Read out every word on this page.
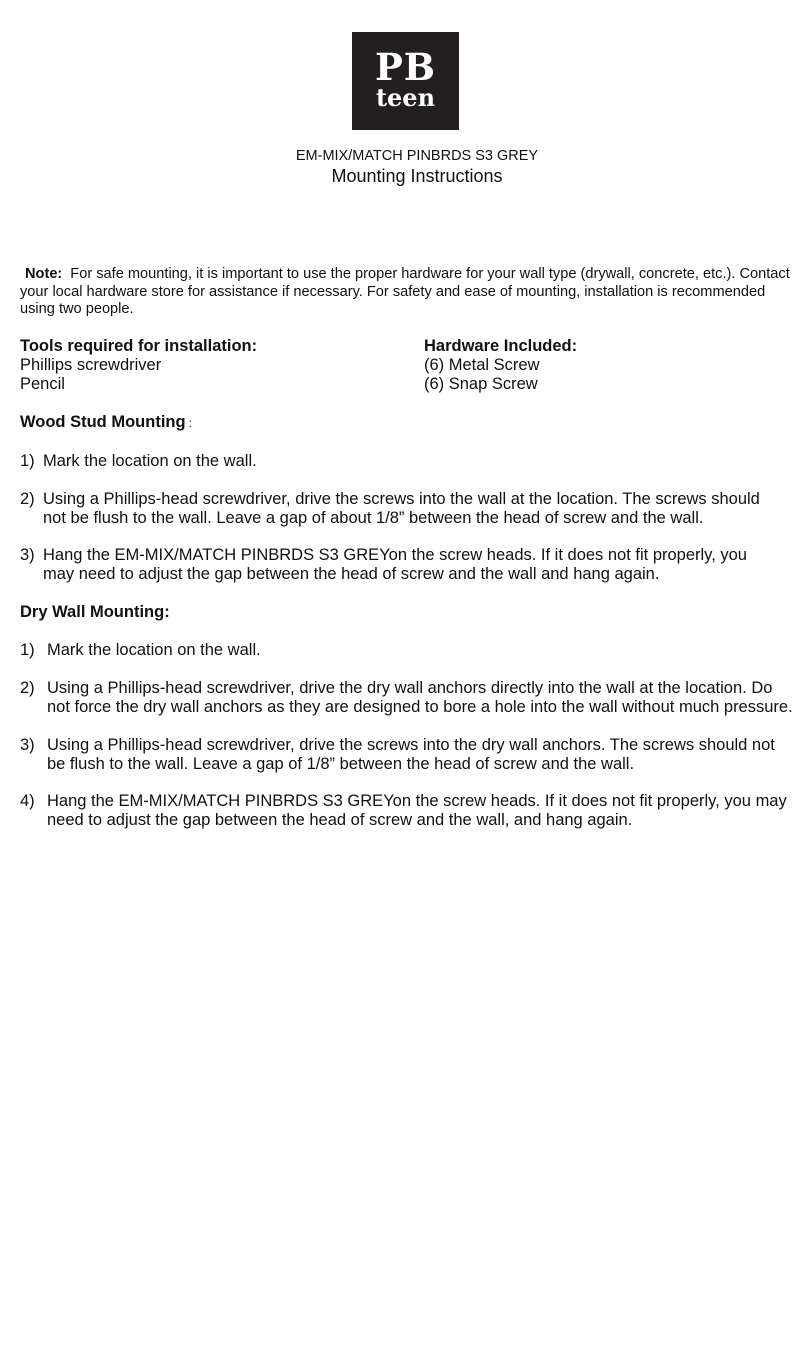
PB
teen
EM-MIX/MATCH PINBRDS S3 GREY
Mounting Instructions
Note: For safe mounting, it is important to use the proper hardware for your wall type (drywall, concrete, etc.). Contact your local hardware store for assistance if necessary. For safety and ease of mounting, installation is recommended using two people.
Tools required for installation:
Phillips screwdriver
Pencil
Hardware Included:
(6) Metal Screw
(6) Snap Screw
Wood Stud Mounting :
1) Mark the location on the wall.
2) Using a Phillips-head screwdriver, drive the screws into the wall at the location. The screws should not be flush to the wall. Leave a gap of about 1/8” between the head of screw and the wall.
3) Hang the EM-MIX/MATCH PINBRDS S3 GREYon the screw heads. If it does not fit properly, you may need to adjust the gap between the head of screw and the wall and hang again.
Dry Wall Mounting:
1) Mark the location on the wall.
2) Using a Phillips-head screwdriver, drive the dry wall anchors directly into the wall at the location. Do not force the dry wall anchors as they are designed to bore a hole into the wall without much pressure.
3) Using a Phillips-head screwdriver, drive the screws into the dry wall anchors. The screws should not be flush to the wall. Leave a gap of 1/8” between the head of screw and the wall.
4) Hang the EM-MIX/MATCH PINBRDS S3 GREYon the screw heads. If it does not fit properly, you may need to adjust the gap between the head of screw and the wall, and hang again.
